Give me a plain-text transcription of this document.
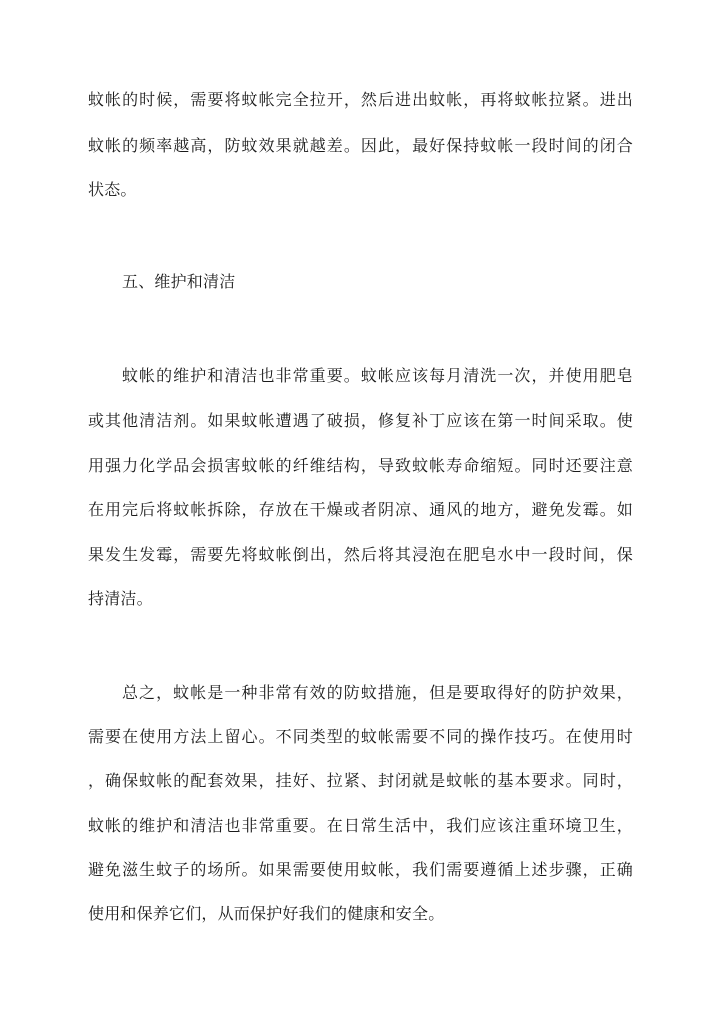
蚊帐的时候，需要将蚊帐完全拉开，然后进出蚊帐，再将蚊帐拉紧。进出
蚊帐的频率越高，防蚊效果就越差。因此，最好保持蚊帐一段时间的闭合
状态。
五、维护和清洁
蚊帐的维护和清洁也非常重要。蚊帐应该每月清洗一次，并使用肥皂
或其他清洁剂。如果蚊帐遭遇了破损，修复补丁应该在第一时间采取。使
用强力化学品会损害蚊帐的纤维结构，导致蚊帐寿命缩短。同时还要注意
在用完后将蚊帐拆除，存放在干燥或者阴凉、通风的地方，避免发霉。如
果发生发霉，需要先将蚊帐倒出，然后将其浸泡在肥皂水中一段时间，保
持清洁。
总之，蚊帐是一种非常有效的防蚊措施，但是要取得好的防护效果，
需要在使用方法上留心。不同类型的蚊帐需要不同的操作技巧。在使用时
，确保蚊帐的配套效果，挂好、拉紧、封闭就是蚊帐的基本要求。同时，
蚊帐的维护和清洁也非常重要。在日常生活中，我们应该注重环境卫生，
避免滋生蚊子的场所。如果需要使用蚊帐，我们需要遵循上述步骤，正确
使用和保养它们，从而保护好我们的健康和安全。
